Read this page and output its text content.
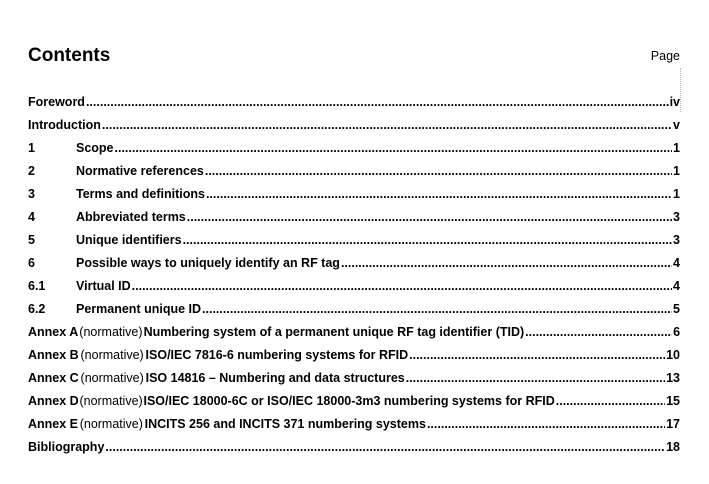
Contents	Page
Foreword .....	iv
Introduction .....	v
1	Scope .....	1
2	Normative references .....	1
3	Terms and definitions .....	1
4	Abbreviated terms .....	3
5	Unique identifiers .....	3
6	Possible ways to uniquely identify an RF tag .....	4
6.1	Virtual ID .....	4
6.2	Permanent unique ID .....	5
Annex A (normative) Numbering system of a permanent unique RF tag identifier (TID) .....	6
Annex B (normative) ISO/IEC 7816-6 numbering systems for RFID .....	10
Annex C (normative) ISO 14816 – Numbering and data structures .....	13
Annex D (normative) ISO/IEC 18000-6C or ISO/IEC 18000-3m3 numbering systems for RFID .....	15
Annex E (normative) INCITS 256 and INCITS 371 numbering systems .....	17
Bibliography .....	18
